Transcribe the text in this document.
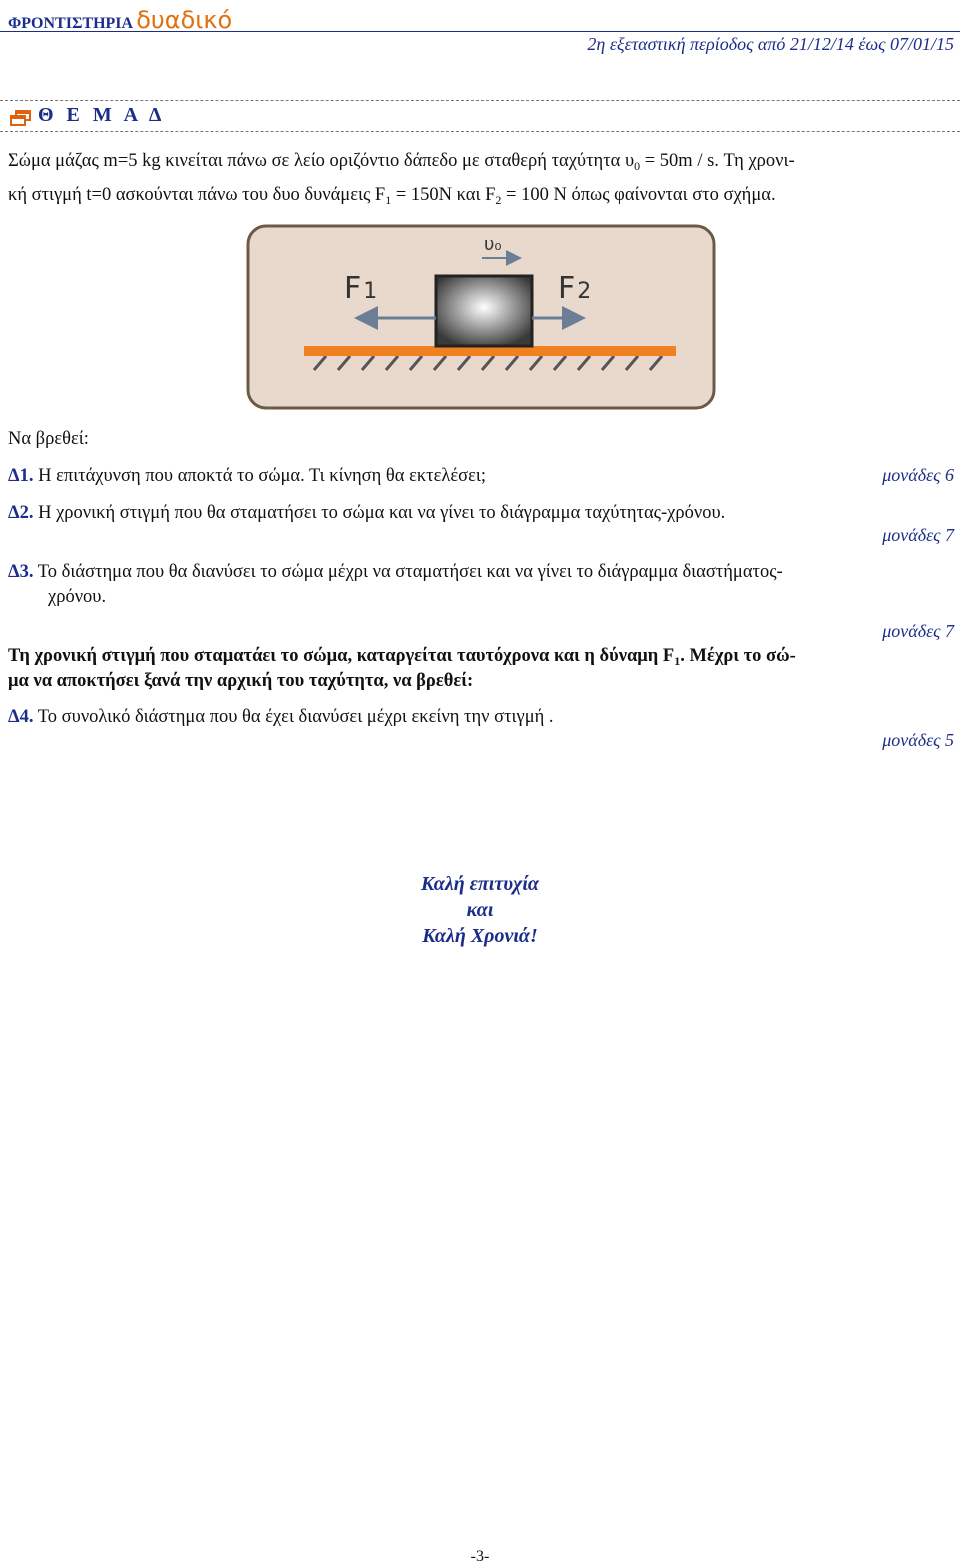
ΦΡΟΝΤΙΣΤΗΡΙΑ δυαδικό
2η εξεταστική περίοδος από 21/12/14 έως 07/01/15
Θ Ε Μ Α Δ
Σώμα μάζας m=5 kg κινείται πάνω σε λείο οριζόντιο δάπεδο με σταθερή ταχύτητα $\upsilon_0 = 50m / s$. Τη χρονι-
κή στιγμή t=0 ασκούνται πάνω του δυο δυνάμεις $F_1 = 150N$ και $F_2 = 100$ N όπως φαίνονται στο σχήμα.
υ₀
F1	F2
Να βρεθεί:
Δ1. Η επιτάχυνση που αποκτά το σώμα. Τι κίνηση θα εκτελέσει;	μονάδες 6
Δ2. Η χρονική στιγμή που θα σταματήσει το σώμα και να γίνει το διάγραμμα ταχύτητας-χρόνου.
μονάδες 7
Δ3. Το διάστημα που θα διανύσει το σώμα μέχρι να σταματήσει και να γίνει το διάγραμμα διαστήματος-
χρόνου.
μονάδες 7
Τη χρονική στιγμή που σταματάει το σώμα, καταργείται ταυτόχρονα και η δύναμη $F_1$. Μέχρι το σώ-
μα να αποκτήσει ξανά την αρχική του ταχύτητα, να βρεθεί:
Δ4. Το συνολικό διάστημα που θα έχει διανύσει μέχρι εκείνη την στιγμή .
μονάδες 5
Καλή επιτυχία
και
Καλή Χρονιά!
-3-
